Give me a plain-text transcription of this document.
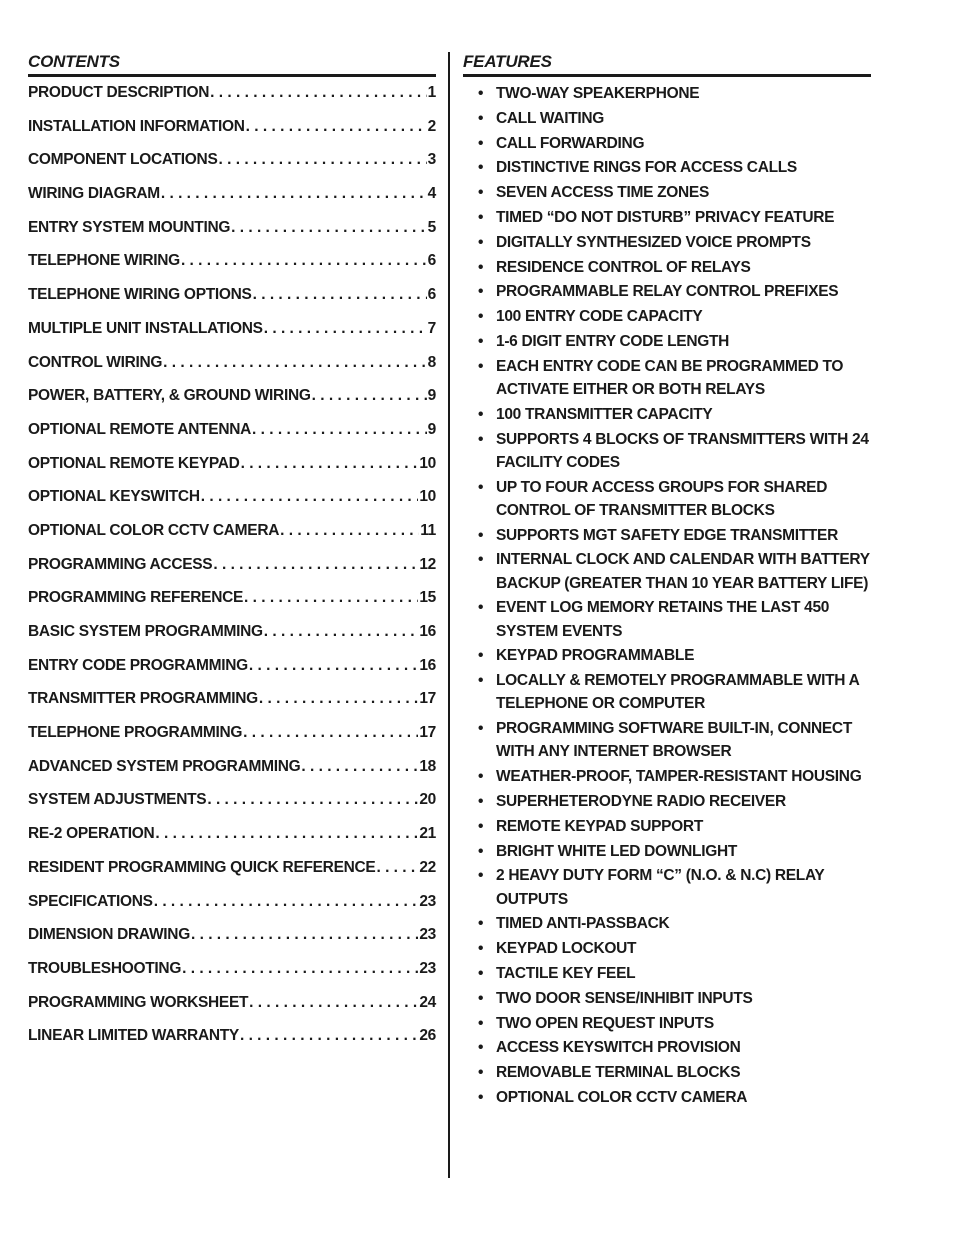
CONTENTS
PRODUCT DESCRIPTION . . .	1
INSTALLATION INFORMATION . . .	2
COMPONENT LOCATIONS . . .	3
WIRING DIAGRAM . . .	4
ENTRY SYSTEM MOUNTING . . .	5
TELEPHONE WIRING . . .	6
TELEPHONE WIRING OPTIONS . . .	6
MULTIPLE UNIT INSTALLATIONS . . .	7
CONTROL WIRING . . .	8
POWER, BATTERY, & GROUND WIRING . . .	9
OPTIONAL REMOTE ANTENNA . . .	9
OPTIONAL REMOTE KEYPAD . . .	10
OPTIONAL KEYSWITCH . . .	10
OPTIONAL COLOR CCTV CAMERA . . .	11
PROGRAMMING ACCESS . . .	12
PROGRAMMING REFERENCE . . .	15
BASIC SYSTEM PROGRAMMING . . .	16
ENTRY CODE PROGRAMMING . . .	16
TRANSMITTER PROGRAMMING . . .	17
TELEPHONE PROGRAMMING . . .	17
ADVANCED SYSTEM PROGRAMMING . . .	18
SYSTEM ADJUSTMENTS . . .	20
RE-2 OPERATION . . .	21
RESIDENT PROGRAMMING QUICK REFERENCE . . .	22
SPECIFICATIONS . . .	23
DIMENSION DRAWING . . .	23
TROUBLESHOOTING . . .	23
PROGRAMMING WORKSHEET . . .	24
LINEAR LIMITED WARRANTY . . .	26
FEATURES
• TWO-WAY SPEAKERPHONE
• CALL WAITING
• CALL FORWARDING
• DISTINCTIVE RINGS FOR ACCESS CALLS
• SEVEN ACCESS TIME ZONES
• TIMED “DO NOT DISTURB” PRIVACY FEATURE
• DIGITALLY SYNTHESIZED VOICE PROMPTS
• RESIDENCE CONTROL OF RELAYS
• PROGRAMMABLE RELAY CONTROL PREFIXES
• 100 ENTRY CODE CAPACITY
• 1-6 DIGIT ENTRY CODE LENGTH
• EACH ENTRY CODE CAN BE PROGRAMMED TO ACTIVATE EITHER OR BOTH RELAYS
• 100 TRANSMITTER CAPACITY
• SUPPORTS 4 BLOCKS OF TRANSMITTERS WITH 24 FACILITY CODES
• UP TO FOUR ACCESS GROUPS FOR SHARED CONTROL OF TRANSMITTER BLOCKS
• SUPPORTS MGT SAFETY EDGE TRANSMITTER
• INTERNAL CLOCK AND CALENDAR WITH BATTERY BACKUP (GREATER THAN 10 YEAR BATTERY LIFE)
• EVENT LOG MEMORY RETAINS THE LAST 450 SYSTEM EVENTS
• KEYPAD PROGRAMMABLE
• LOCALLY & REMOTELY PROGRAMMABLE WITH A TELEPHONE OR COMPUTER
• PROGRAMMING SOFTWARE BUILT-IN, CONNECT WITH ANY INTERNET BROWSER
• WEATHER-PROOF, TAMPER-RESISTANT HOUSING
• SUPERHETERODYNE RADIO RECEIVER
• REMOTE KEYPAD SUPPORT
• BRIGHT WHITE LED DOWNLIGHT
• 2 HEAVY DUTY FORM “C” (N.O. & N.C) RELAY OUTPUTS
• TIMED ANTI-PASSBACK
• KEYPAD LOCKOUT
• TACTILE KEY FEEL
• TWO DOOR SENSE/INHIBIT INPUTS
• TWO OPEN REQUEST INPUTS
• ACCESS KEYSWITCH PROVISION
• REMOVABLE TERMINAL BLOCKS
• OPTIONAL COLOR CCTV CAMERA
